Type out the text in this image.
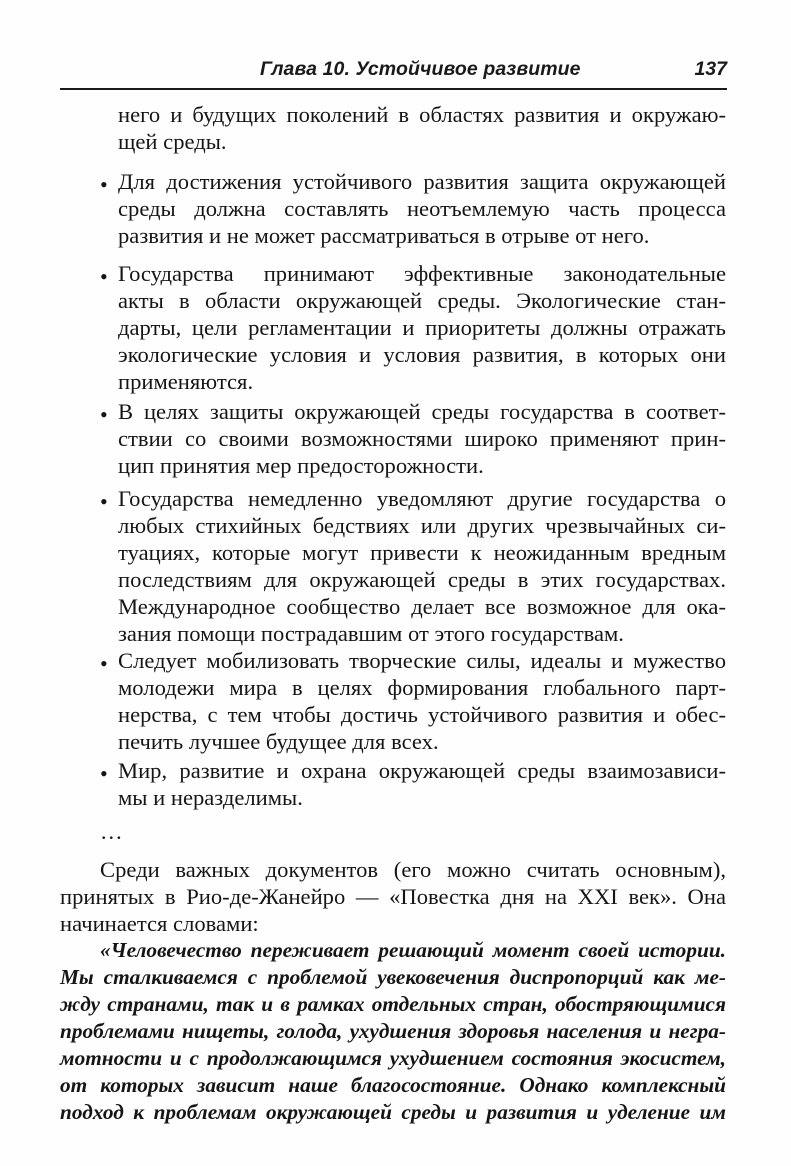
Глава 10. Устойчивое развитие	137
него и будущих поколений в областях развития и окружаю-
щей среды.
• Для достижения устойчивого развития защита окружающей
среды должна составлять неотъемлемую часть процесса
развития и не может рассматриваться в отрыве от него.
• Государства принимают эффективные законодательные
акты в области окружающей среды. Экологические стан-
дарты, цели регламентации и приоритеты должны отражать
экологические условия и условия развития, в которых они
применяются.
• В целях защиты окружающей среды государства в соответ-
ствии со своими возможностями широко применяют прин-
цип принятия мер предосторожности.
• Государства немедленно уведомляют другие государства о
любых стихийных бедствиях или других чрезвычайных си-
туациях, которые могут привести к неожиданным вредным
последствиям для окружающей среды в этих государствах.
Международное сообщество делает все возможное для ока-
зания помощи пострадавшим от этого государствам.
• Следует мобилизовать творческие силы, идеалы и мужество
молодежи мира в целях формирования глобального парт-
нерства, с тем чтобы достичь устойчивого развития и обес-
печить лучшее будущее для всех.
• Мир, развитие и охрана окружающей среды взаимозависи-
мы и неразделимы.
…
Среди важных документов (его можно считать основным),
принятых в Рио-де-Жанейро — «Повестка дня на XXI век». Она
начинается словами:
«Человечество переживает решающий момент своей истории.
Мы сталкиваемся с проблемой увековечения диспропорций как ме-
жду странами, так и в рамках отдельных стран, обостряющимися
проблемами нищеты, голода, ухудшения здоровья населения и негра-
мотности и с продолжающимся ухудшением состояния экосистем,
от которых зависит наше благосостояние. Однако комплексный
подход к проблемам окружающей среды и развития и уделение им
